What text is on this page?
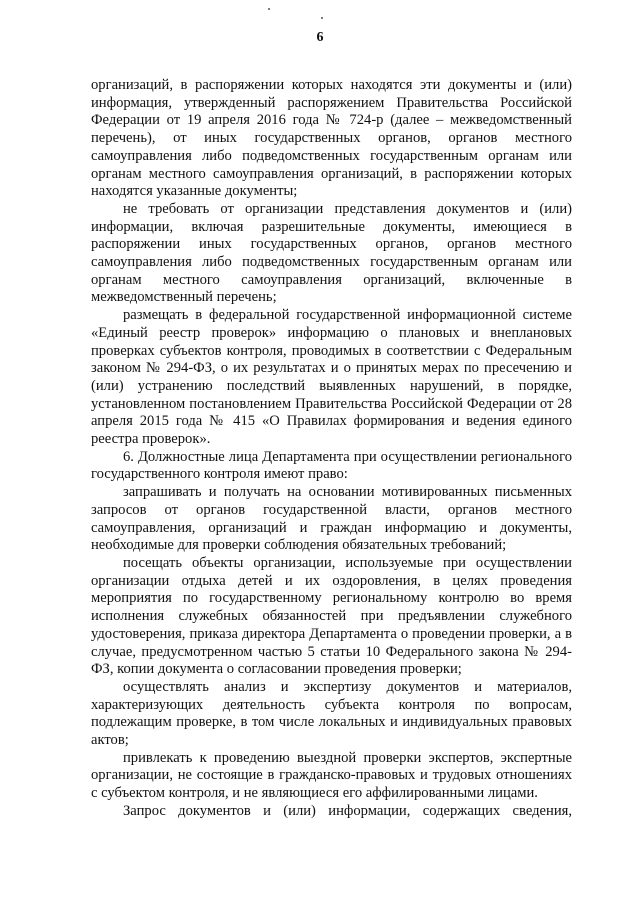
6

организаций, в распоряжении которых находятся эти документы и (или) информация, утвержденный распоряжением Правительства Российской Федерации от 19 апреля 2016 года № 724-р (далее – межведомственный перечень), от иных государственных органов, органов местного самоуправления либо подведомственных государственным органам или органам местного самоуправления организаций, в распоряжении которых находятся указанные документы;

не требовать от организации представления документов и (или) информации, включая разрешительные документы, имеющиеся в распоряжении иных государственных органов, органов местного самоуправления либо подведомственных государственным органам или органам местного самоуправления организаций, включенные в межведомственный перечень;

размещать в федеральной государственной информационной системе «Единый реестр проверок» информацию о плановых и внеплановых проверках субъектов контроля, проводимых в соответствии с Федеральным законом № 294-ФЗ, о их результатах и о принятых мерах по пресечению и (или) устранению последствий выявленных нарушений, в порядке, установленном постановлением Правительства Российской Федерации от 28 апреля 2015 года № 415 «О Правилах формирования и ведения единого реестра проверок».

6. Должностные лица Департамента при осуществлении регионального государственного контроля имеют право:

запрашивать и получать на основании мотивированных письменных запросов от органов государственной власти, органов местного самоуправления, организаций и граждан информацию и документы, необходимые для проверки соблюдения обязательных требований;

посещать объекты организации, используемые при осуществлении организации отдыха детей и их оздоровления, в целях проведения мероприятия по государственному региональному контролю во время исполнения служебных обязанностей при предъявлении служебного удостоверения, приказа директора Департамента о проведении проверки, а в случае, предусмотренном частью 5 статьи 10 Федерального закона № 294-ФЗ, копии документа о согласовании проведения проверки;

осуществлять анализ и экспертизу документов и материалов, характеризующих деятельность субъекта контроля по вопросам, подлежащим проверке, в том числе локальных и индивидуальных правовых актов;

привлекать к проведению выездной проверки экспертов, экспертные организации, не состоящие в гражданско-правовых и трудовых отношениях с субъектом контроля, и не являющиеся его аффилированными лицами.

Запрос документов и (или) информации, содержащих сведения,
